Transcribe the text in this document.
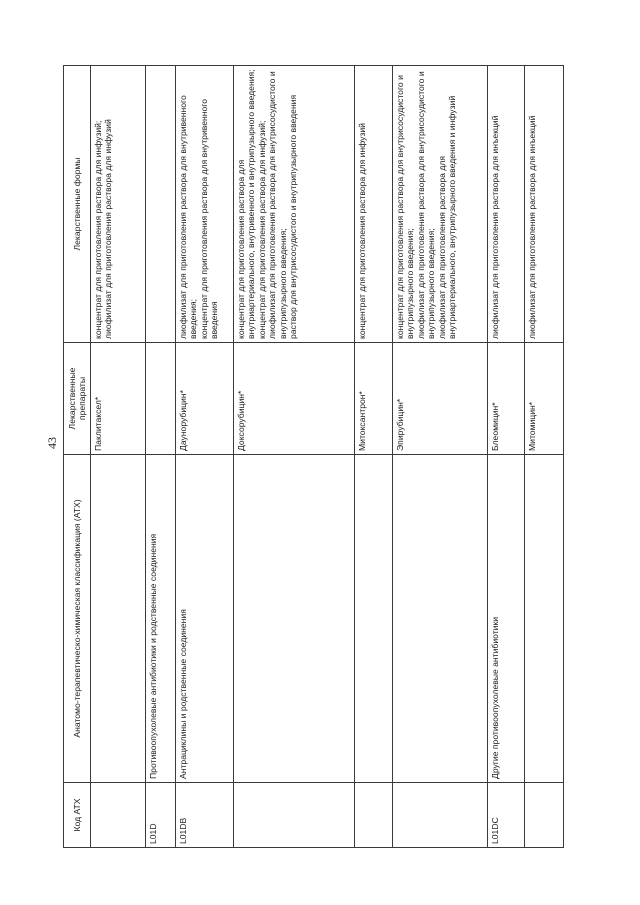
43
Код АТХ	Анатомо-терапевтическо-химическая классификация (АТХ)	Лекарственные препараты	Лекарственные формы
		Паклитаксел*	концентрат для приготовления раствора для инфузий; лиофилизат для приготовления раствора для инфузий

L01D	Противоопухолевые антибиотики и родственные соединения		
L01DB	Антрациклины и родственные соединения	Даунорубицин*	лиофилизат для приготовления раствора для внутривенного введения; концентрат для приготовления раствора для внутривенного введения

		Доксорубицин*	концентрат для приготовления раствора для внутриартериального, внутривенного и внутрипузырного введения; концентрат для приготовления раствора для инфузий; лиофилизат для приготовления раствора для внутрисосудистого и внутрипузырного введения; раствор для внутрисосудистого и внутрипузырного введения

		Митоксантрон*	концентрат для приготовления раствора для инфузий

		Эпирубицин*	концентрат для приготовления раствора для внутрисосудистого и внутрипузырного введения; лиофилизат для приготовления раствора для внутрисосудистого и внутрипузырного введения; лиофилизат для приготовления раствора для внутриартериального, внутрипузырного введения и инфузий

L01DC	Другие противоопухолевые антибиотики	Блеомицин*	лиофилизат для приготовления раствора для инъекций

		Митомицин*	лиофилизат для приготовления раствора для инъекций
